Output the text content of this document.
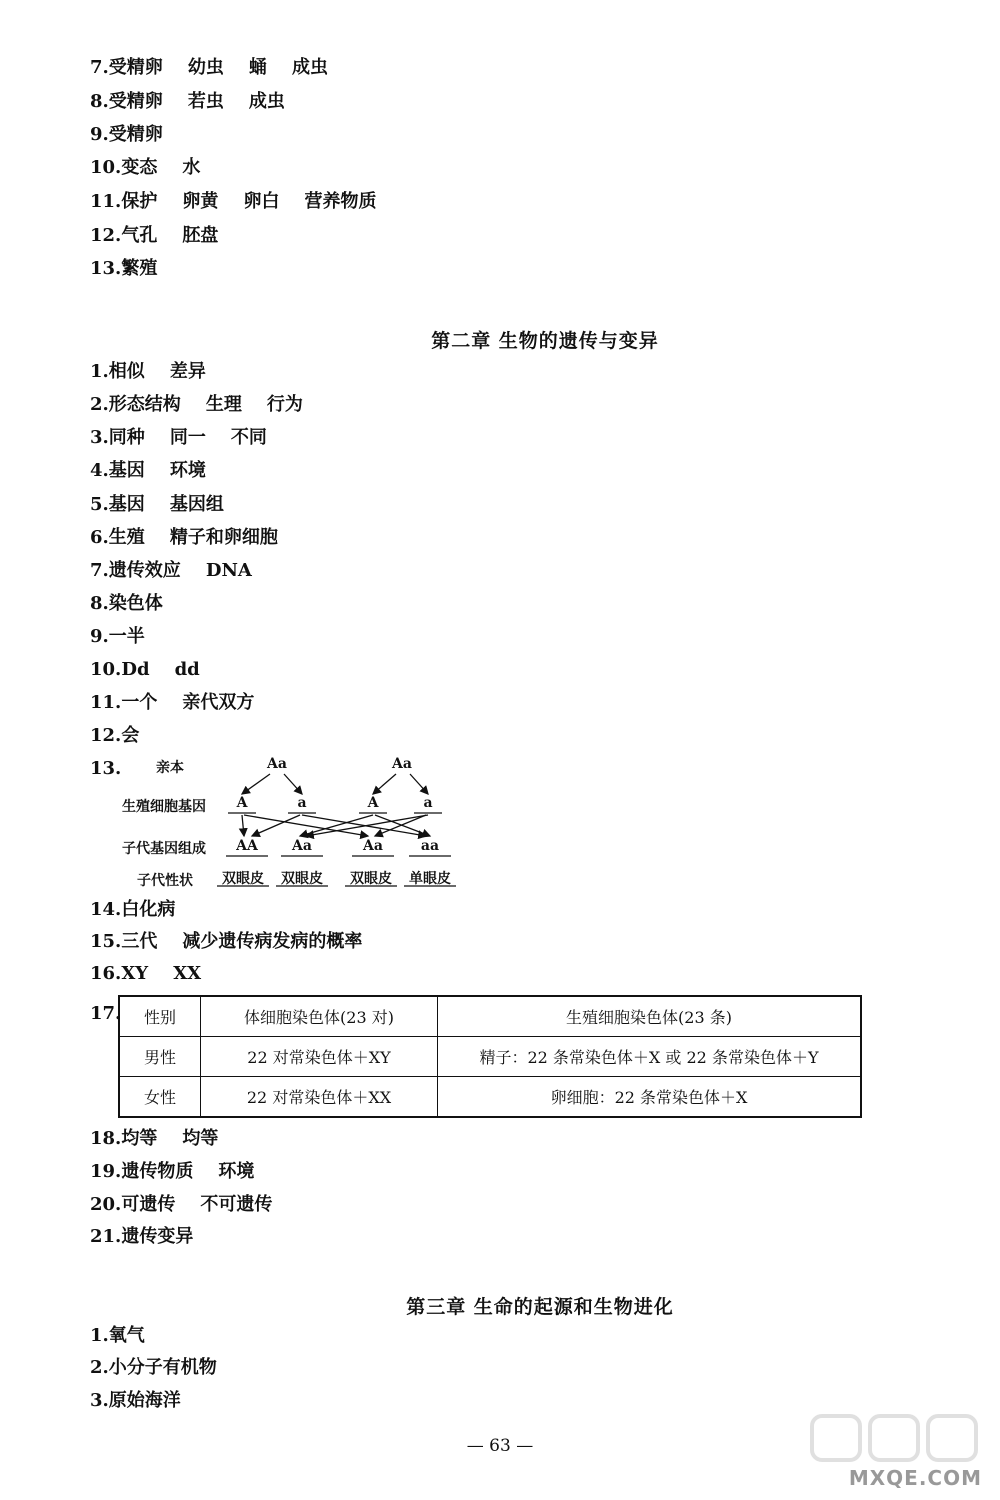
7.受精卵    幼虫    蛹    成虫
8.受精卵    若虫    成虫
9.受精卵
10.变态    水
11.保护    卵黄    卵白    营养物质
12.气孔    胚盘
13.繁殖
第二章 生物的遗传与变异
1.相似    差异
2.形态结构    生理    行为
3.同种    同一    不同
4.基因    环境
5.基因    基因组
6.生殖    精子和卵细胞
7.遗传效应    DNA
8.染色体
9.一半
10.Dd    dd
11.一个    亲代双方
12.会
13. 亲本
生殖细胞基因
子代基因组成
子代性状
Aa	Aa
A	a	A	a
AA	Aa	Aa	aa
双眼皮	双眼皮	双眼皮	单眼皮
14.白化病
15.三代    减少遗传病发病的概率
16.XY    XX
17. 性别	体细胞染色体(23 对)	生殖细胞染色体(23 条)
男性	22 对常染色体＋XY	精子：22 条常染色体＋X 或 22 条常染色体＋Y
女性	22 对常染色体＋XX	卵细胞：22 条常染色体＋X
18.均等    均等
19.遗传物质    环境
20.可遗传    不可遗传
21.遗传变异
第三章 生命的起源和生物进化
1.氧气
2.小分子有机物
3.原始海洋
— 63 —
MXQE.COM
